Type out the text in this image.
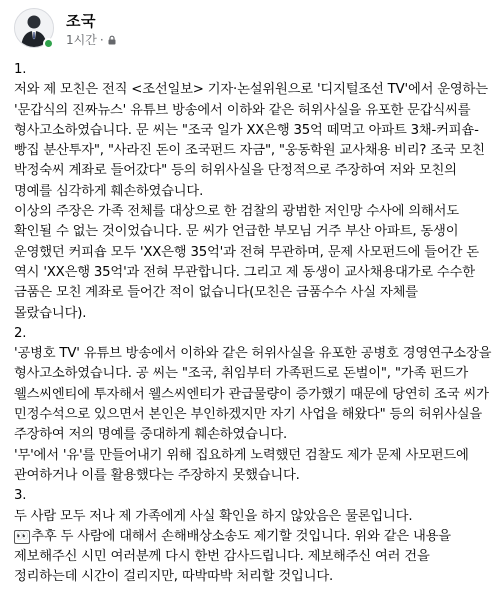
조국
1시간 ·

1.

저와 제 모친은 전직 <조선일보> 기자·논설위원으로 '디지털조선 TV'에서 운영하는 '문갑식의 진짜뉴스' 유튜브 방송에서 이하와 같은 허위사실을 유포한 문갑식씨를 형사고소하였습니다. 문 씨는 "조국 일가 XX은행 35억 떼먹고 아파트 3채-커피숍-빵집 분산투자", "사라진 돈이 조국펀드 자금", "웅동학원 교사채용 비리? 조국 모친 박정숙씨 계좌로 들어갔다" 등의 허위사실을 단정적으로 주장하여 저와 모친의 명예를 심각하게 훼손하였습니다.

이상의 주장은 가족 전체를 대상으로 한 검찰의 광범한 저인망 수사에 의해서도 확인될 수 없는 것이었습니다. 문 씨가 언급한 부모님 거주 부산 아파트, 동생이 운영했던 커피숍 모두 'XX은행 35억'과 전혀 무관하며, 문제 사모펀드에 들어간 돈 역시 'XX은행 35억'과 전혀 무관합니다. 그리고 제 동생이 교사채용대가로 수수한 금품은 모친 계좌로 들어간 적이 없습니다(모친은 금품수수 사실 자체를 몰랐습니다).

2.

'공병호 TV' 유튜브 방송에서 이하와 같은 허위사실을 유포한 공병호 경영연구소장을 형사고소하였습니다. 공 씨는 "조국, 취임부터 가족펀드로 돈벌이", "가족 펀드가 웰스씨엔티에 투자해서 웰스씨엔티가 관급물량이 증가했기 때문에 당연히 조국 씨가 민정수석으로 있으면서 본인은 부인하겠지만 자기 사업을 해왔다" 등의 허위사실을 주장하여 저의 명예를 중대하게 훼손하였습니다.

'무'에서 '유'를 만들어내기 위해 집요하게 노력했던 검찰도 제가 문제 사모펀드에 관여하거나 이를 활용했다는 주장하지 못했습니다.

3.

두 사람 모두 저나 제 가족에게 사실 확인을 하지 않았음은 물론입니다.

👀 추후 두 사람에 대해서 손해배상소송도 제기할 것입니다. 위와 같은 내용을 제보해주신 시민 여러분께 다시 한번 감사드립니다. 제보해주신 여러 건을 정리하는데 시간이 걸리지만, 따박따박 처리할 것입니다.
